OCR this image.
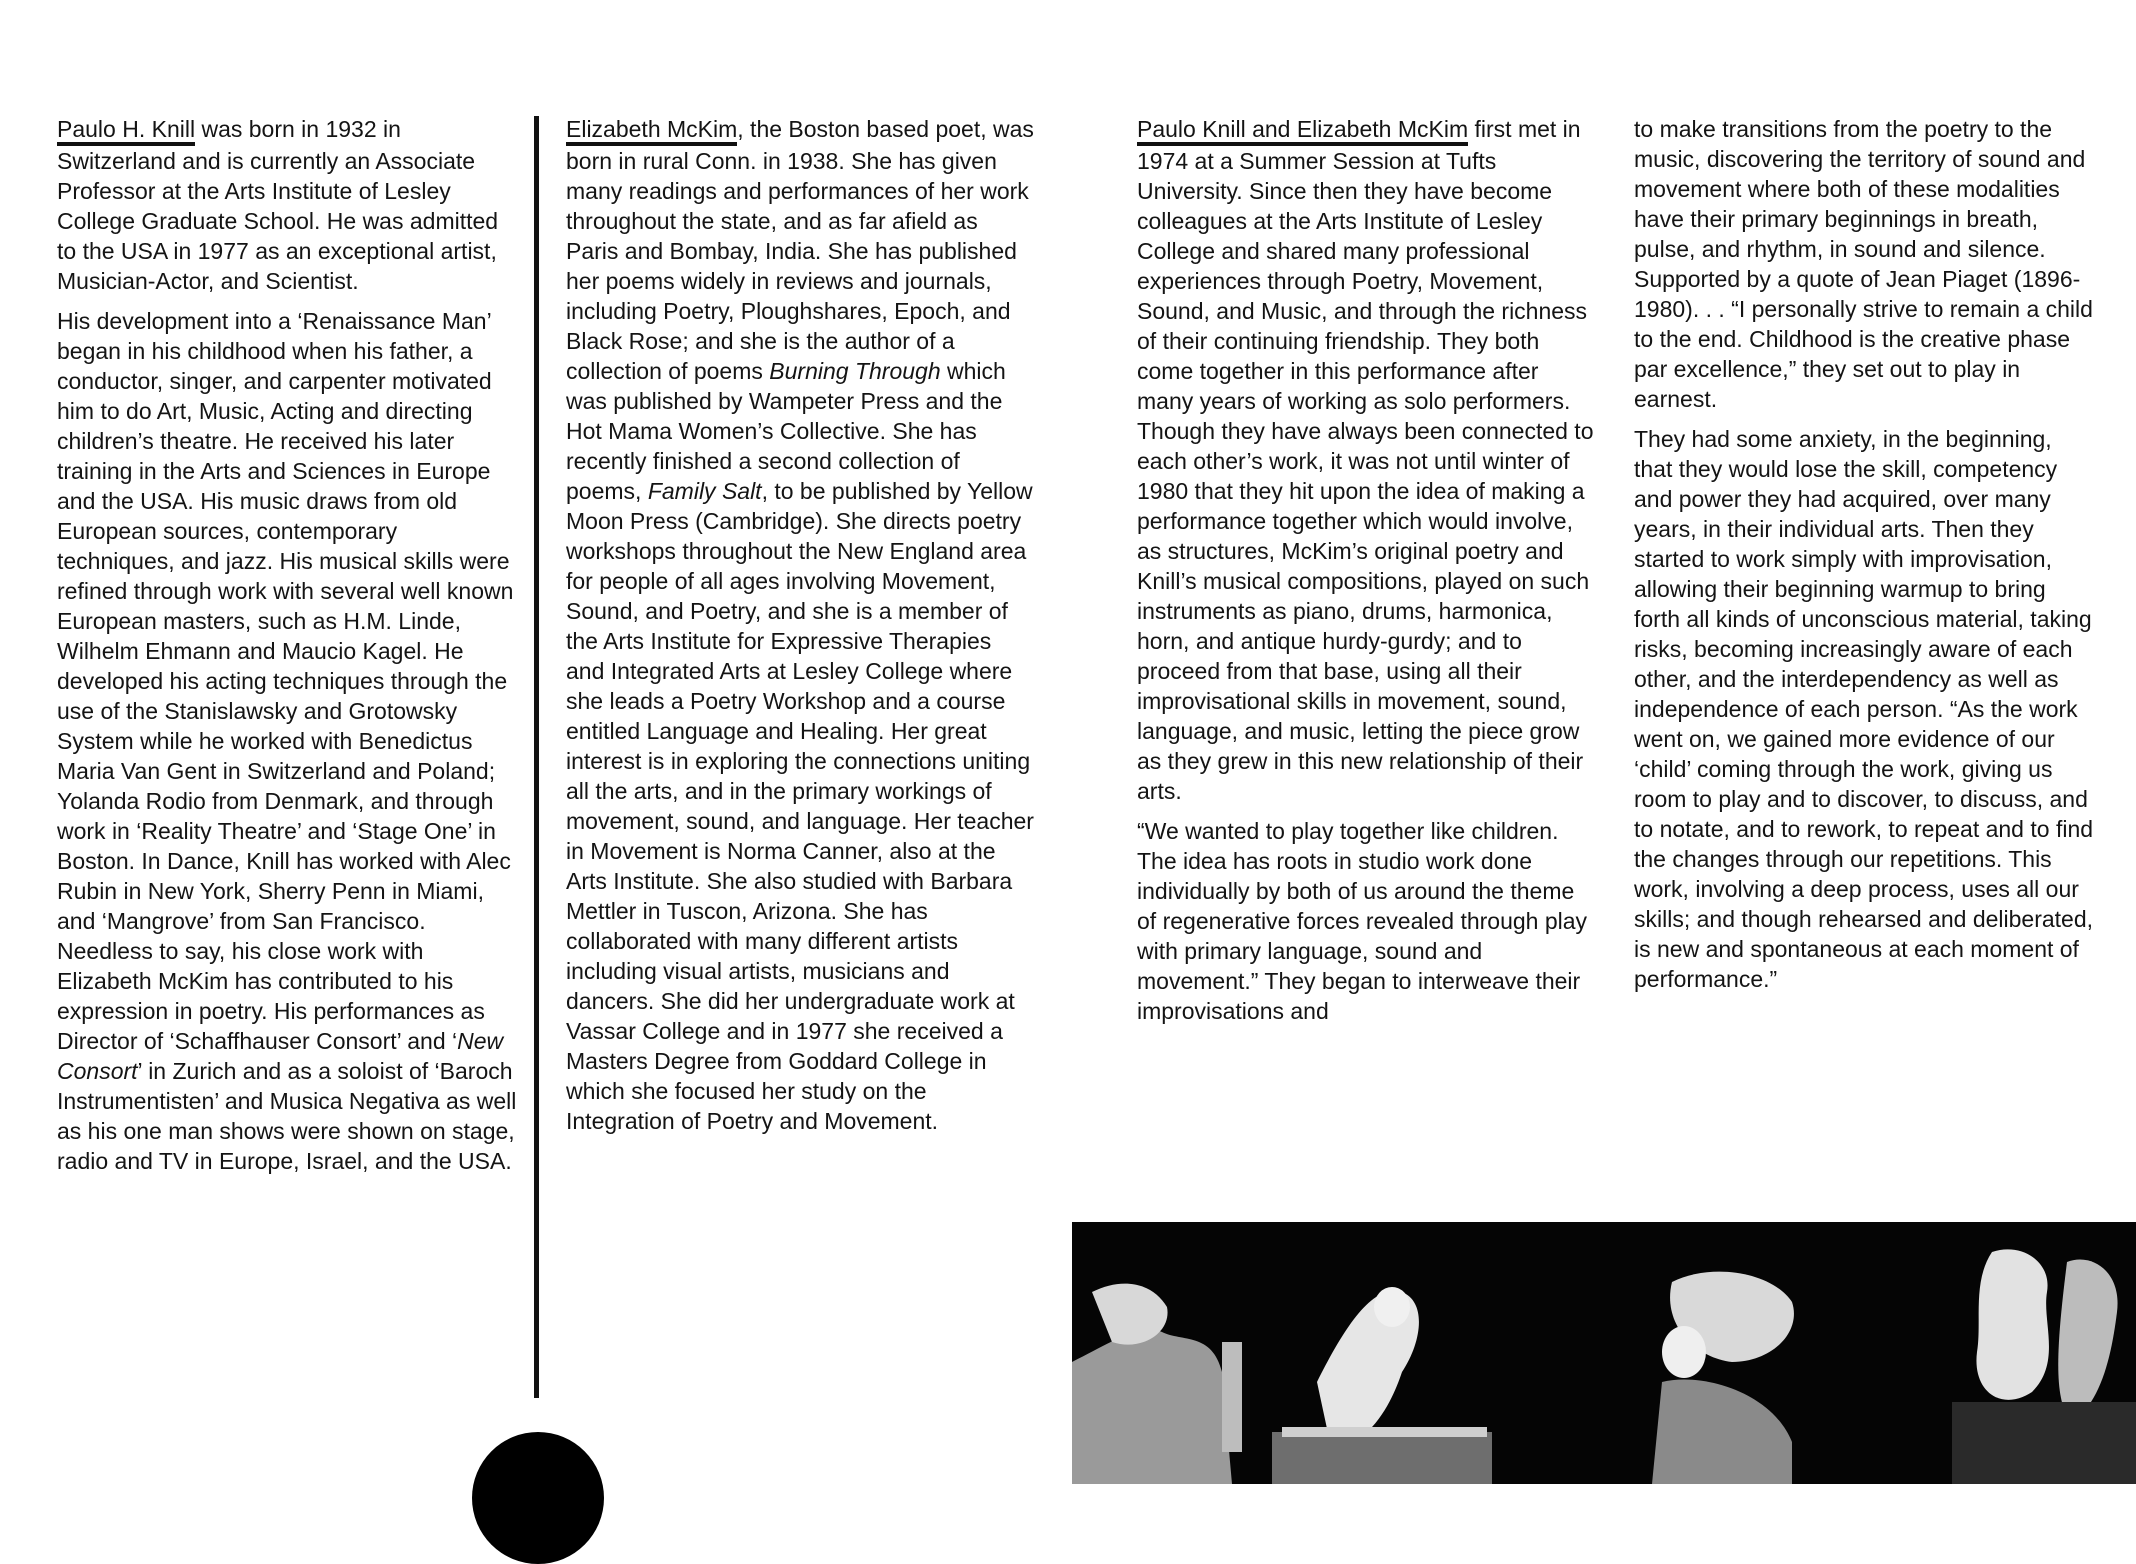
Paulo H. Knill was born in 1932 in Switzerland and is currently an Associate Professor at the Arts Institute of Lesley College Graduate School. He was admitted to the USA in 1977 as an exceptional artist, Musician-Actor, and Scientist.

His development into a ‘Renaissance Man’ began in his childhood when his father, a conductor, singer, and carpenter motivated him to do Art, Music, Acting and directing children’s theatre. He received his later training in the Arts and Sciences in Europe and the USA. His music draws from old European sources, contemporary techniques, and jazz. His musical skills were refined through work with several well known European masters, such as H.M. Linde, Wilhelm Ehmann and Maucio Kagel. He developed his acting techniques through the use of the Stanislawsky and Grotowsky System while he worked with Benedictus Maria Van Gent in Switzerland and Poland; Yolanda Rodio from Denmark, and through work in ‘Reality Theatre’ and ‘Stage One’ in Boston. In Dance, Knill has worked with Alec Rubin in New York, Sherry Penn in Miami, and ‘Mangrove’ from San Francisco. Needless to say, his close work with Elizabeth McKim has contributed to his expression in poetry. His performances as Director of ‘Schaffhauser Consort’ and ‘New Consort’ in Zurich and as a soloist of ‘Baroch Instrumentisten’ and Musica Negativa as well as his one man shows were shown on stage, radio and TV in Europe, Israel, and the USA.

Elizabeth McKim, the Boston based poet, was born in rural Conn. in 1938. She has given many readings and performances of her work throughout the state, and as far afield as Paris and Bombay, India. She has published her poems widely in reviews and journals, including Poetry, Ploughshares, Epoch, and Black Rose; and she is the author of a collection of poems Burning Through which was published by Wampeter Press and the Hot Mama Women’s Collective. She has recently finished a second collection of poems, Family Salt, to be published by Yellow Moon Press (Cambridge). She directs poetry workshops throughout the New England area for people of all ages involving Movement, Sound, and Poetry, and she is a member of the Arts Institute for Expressive Therapies and Integrated Arts at Lesley College where she leads a Poetry Workshop and a course entitled Language and Healing. Her great interest is in exploring the connections uniting all the arts, and in the primary workings of movement, sound, and language. Her teacher in Movement is Norma Canner, also at the Arts Institute. She also studied with Barbara Mettler in Tuscon, Arizona. She has collaborated with many different artists including visual artists, musicians and dancers. She did her undergraduate work at Vassar College and in 1977 she received a Masters Degree from Goddard College in which she focused her study on the Integration of Poetry and Movement.

Paulo Knill and Elizabeth McKim first met in 1974 at a Summer Session at Tufts University. Since then they have become colleagues at the Arts Institute of Lesley College and shared many professional experiences through Poetry, Movement, Sound, and Music, and through the richness of their continuing friendship. They both come together in this performance after many years of working as solo performers. Though they have always been connected to each other’s work, it was not until winter of 1980 that they hit upon the idea of making a performance together which would involve, as structures, McKim’s original poetry and Knill’s musical compositions, played on such instruments as piano, drums, harmonica, horn, and antique hurdy-gurdy; and to proceed from that base, using all their improvisational skills in movement, sound, language, and music, letting the piece grow as they grew in this new relationship of their arts.

“We wanted to play together like children. The idea has roots in studio work done individually by both of us around the theme of regenerative forces revealed through play with primary language, sound and movement.” They began to interweave their improvisations and

to make transitions from the poetry to the music, discovering the territory of sound and movement where both of these modalities have their primary beginnings in breath, pulse, and rhythm, in sound and silence. Supported by a quote of Jean Piaget (1896-1980). . . “I personally strive to remain a child to the end. Childhood is the creative phase par excellence,” they set out to play in earnest.

They had some anxiety, in the beginning, that they would lose the skill, competency and power they had acquired, over many years, in their individual arts. Then they started to work simply with improvisation, allowing their beginning warmup to bring forth all kinds of unconscious material, taking risks, becoming increasingly aware of each other, and the interdependency as well as independence of each person. “As the work went on, we gained more evidence of our ‘child’ coming through the work, giving us room to play and to discover, to discuss, and to notate, and to rework, to repeat and to find the changes through our repetitions. This work, involving a deep process, uses all our skills; and though rehearsed and deliberated, is new and spontaneous at each moment of performance.”
